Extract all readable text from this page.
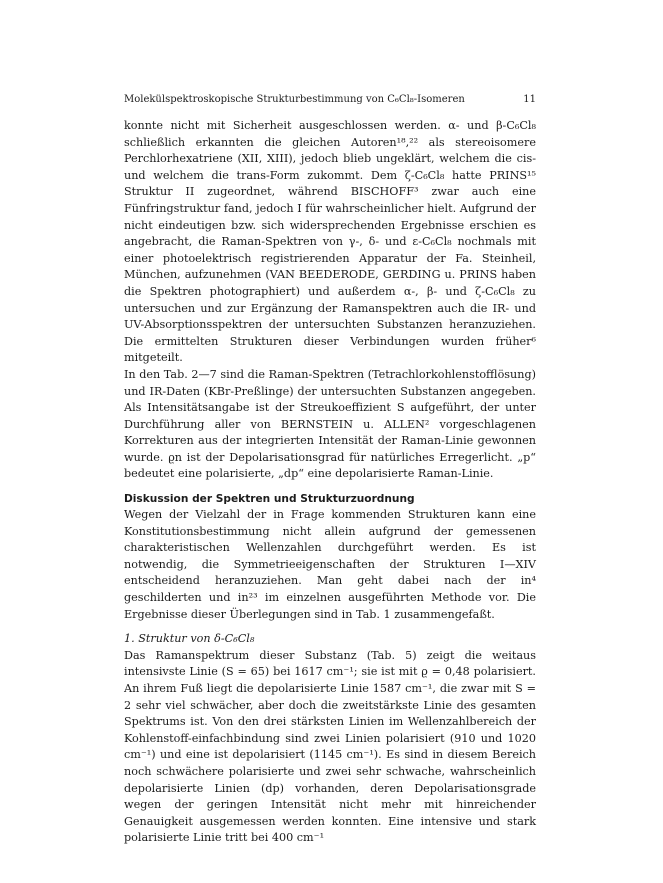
Molekülspektroskopische Strukturbestimmung von C₆Cl₈-Isomeren	11

konnte nicht mit Sicherheit ausgeschlossen werden. α- und β-C₆Cl₈ schließlich erkannten die gleichen Autoren¹⁸,²² als stereoisomere Perchlorhexatriene (XII, XIII), jedoch blieb ungeklärt, welchem die cis- und welchem die trans-Form zukommt. Dem ζ-C₆Cl₈ hatte PRINS¹⁵ Struktur II zugeordnet, während BISCHOFF³ zwar auch eine Fünfringstruktur fand, jedoch I für wahrscheinlicher hielt. Aufgrund der nicht eindeutigen bzw. sich widersprechenden Ergebnisse erschien es angebracht, die Raman-Spektren von γ-, δ- und ε-C₆Cl₈ nochmals mit einer photoelektrisch registrierenden Apparatur der Fa. Steinheil, München, aufzunehmen (VAN BEEDERODE, GERDING u. PRINS haben die Spektren photographiert) und außerdem α-, β- und ζ-C₆Cl₈ zu untersuchen und zur Ergänzung der Ramanspektren auch die IR- und UV-Absorptionsspektren der untersuchten Substanzen heranzuziehen. Die ermittelten Strukturen dieser Verbindungen wurden früher⁶ mitgeteilt.

In den Tab. 2—7 sind die Raman-Spektren (Tetrachlorkohlenstofflösung) und IR-Daten (KBr-Preßlinge) der untersuchten Substanzen angegeben. Als Intensitätsangabe ist der Streukoeffizient S aufgeführt, der unter Durchführung aller von BERNSTEIN u. ALLEN² vorgeschlagenen Korrekturen aus der integrierten Intensität der Raman-Linie gewonnen wurde. ϱn ist der Depolarisationsgrad für natürliches Erregerlicht. „p“ bedeutet eine polarisierte, „dp“ eine depolarisierte Raman-Linie.

Diskussion der Spektren und Strukturzuordnung

Wegen der Vielzahl der in Frage kommenden Strukturen kann eine Konstitutionsbestimmung nicht allein aufgrund der gemessenen charakteristischen Wellenzahlen durchgeführt werden. Es ist notwendig, die Symmetrieeigenschaften der Strukturen I—XIV entscheidend heranzuziehen. Man geht dabei nach der in⁴ geschilderten und in²³ im einzelnen ausgeführten Methode vor. Die Ergebnisse dieser Überlegungen sind in Tab. 1 zusammengefaßt.

1. Struktur von δ-C₆Cl₈

Das Ramanspektrum dieser Substanz (Tab. 5) zeigt die weitaus intensivste Linie (S = 65) bei 1617 cm⁻¹; sie ist mit ϱ = 0,48 polarisiert. An ihrem Fuß liegt die depolarisierte Linie 1587 cm⁻¹, die zwar mit S = 2 sehr viel schwächer, aber doch die zweitstärkste Linie des gesamten Spektrums ist. Von den drei stärksten Linien im Wellenzahlbereich der Kohlenstoff-einfachbindung sind zwei Linien polarisiert (910 und 1020 cm⁻¹) und eine ist depolarisiert (1145 cm⁻¹). Es sind in diesem Bereich noch schwächere polarisierte und zwei sehr schwache, wahrscheinlich depolarisierte Linien (dp) vorhanden, deren Depolarisationsgrade wegen der geringen Intensität nicht mehr mit hinreichender Genauigkeit ausgemessen werden konnten. Eine intensive und stark polarisierte Linie tritt bei 400 cm⁻¹
